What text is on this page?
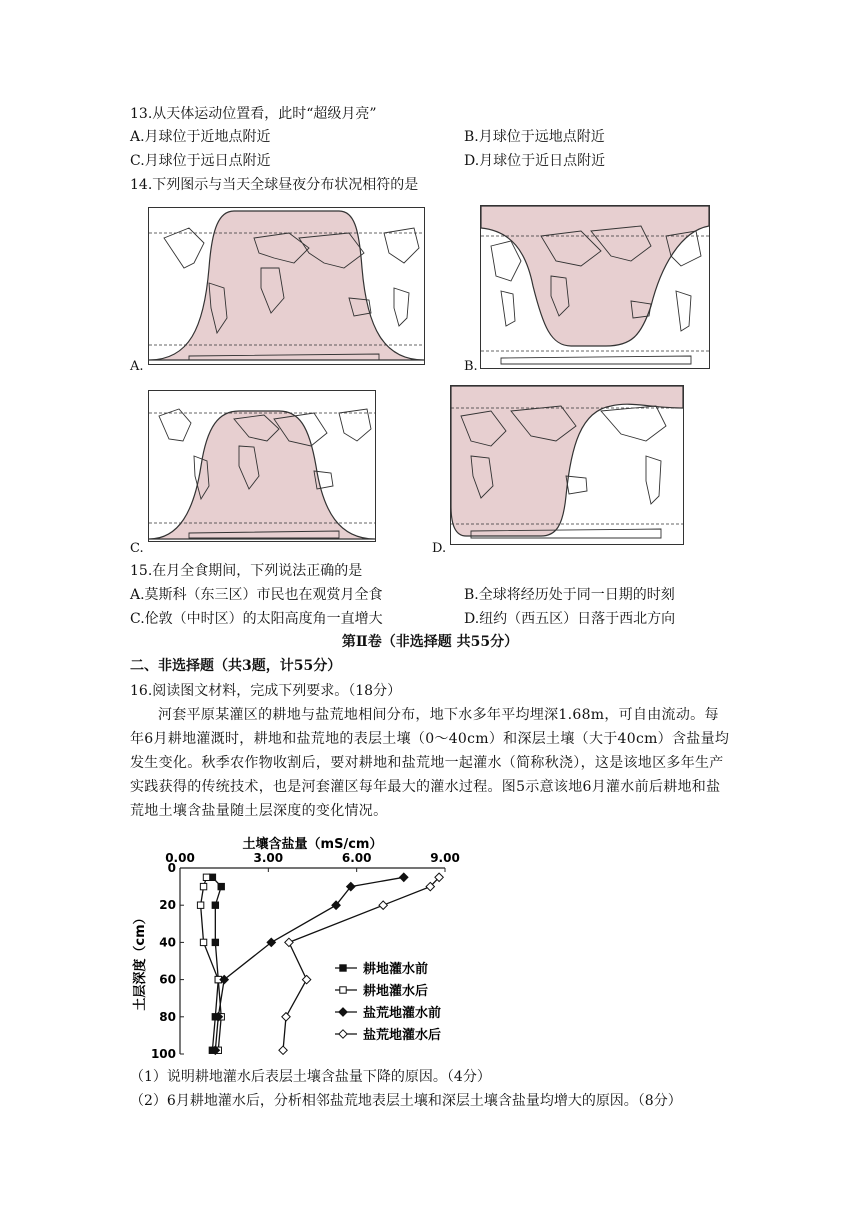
13.从天体运动位置看，此时“超级月亮”
A.月球位于近地点附近	B.月球位于远地点附近
C.月球位于远日点附近	D.月球位于近日点附近
14.下列图示与当天全球昼夜分布状况相符的是
A.	B.
C.	D.
15.在月全食期间，下列说法正确的是
A.莫斯科（东三区）市民也在观赏月全食	B.全球将经历处于同一日期的时刻
C.伦敦（中时区）的太阳高度角一直增大	D.纽约（西五区）日落于西北方向
第Ⅱ卷（非选择题 共55分）
二、非选择题（共3题，计55分）
16.阅读图文材料，完成下列要求。（18分）
河套平原某灌区的耕地与盐荒地相间分布，地下水多年平均埋深1.68m，可自由流动。每年6月耕地灌溉时，耕地和盐荒地的表层土壤（0～40cm）和深层土壤（大于40cm）含盐量均发生变化。秋季农作物收割后，要对耕地和盐荒地一起灌水（简称秋浇），这是该地区多年生产实践获得的传统技术，也是河套灌区每年最大的灌水过程。图5示意该地6月灌水前后耕地和盐荒地土壤含盐量随土层深度的变化情况。
土壤含盐量（mS/cm）
0.00	3.00	6.00	9.00
0
20
40
60
80
100
土层深度（cm）	耕地灌水前
耕地灌水后
盐荒地灌水前
盐荒地灌水后
（1）说明耕地灌水后表层土壤含盐量下降的原因。（4分）
（2）6月耕地灌水后，分析相邻盐荒地表层土壤和深层土壤含盐量均增大的原因。（8分）
